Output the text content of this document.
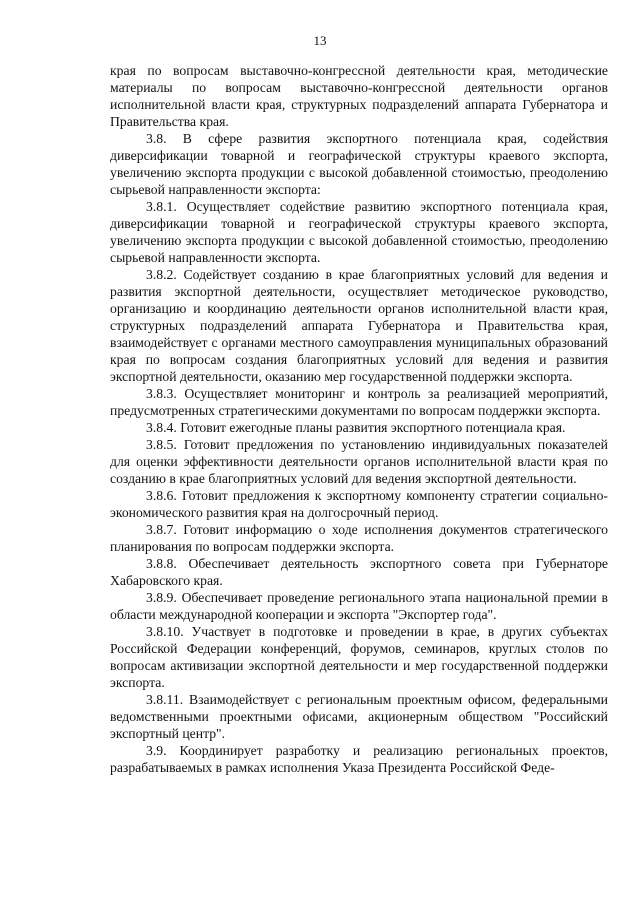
13

края по вопросам выставочно-конгрессной деятельности края, методические материалы по вопросам выставочно-конгрессной деятельности органов исполнительной власти края, структурных подразделений аппарата Губернатора и Правительства края.

3.8. В сфере развития экспортного потенциала края, содействия диверсификации товарной и географической структуры краевого экспорта, увеличению экспорта продукции с высокой добавленной стоимостью, преодолению сырьевой направленности экспорта:

3.8.1. Осуществляет содействие развитию экспортного потенциала края, диверсификации товарной и географической структуры краевого экспорта, увеличению экспорта продукции с высокой добавленной стоимостью, преодолению сырьевой направленности экспорта.

3.8.2. Содействует созданию в крае благоприятных условий для ведения и развития экспортной деятельности, осуществляет методическое руководство, организацию и координацию деятельности органов исполнительной власти края, структурных подразделений аппарата Губернатора и Правительства края, взаимодействует с органами местного самоуправления муниципальных образований края по вопросам создания благоприятных условий для ведения и развития экспортной деятельности, оказанию мер государственной поддержки экспорта.

3.8.3. Осуществляет мониторинг и контроль за реализацией мероприятий, предусмотренных стратегическими документами по вопросам поддержки экспорта.

3.8.4. Готовит ежегодные планы развития экспортного потенциала края.

3.8.5. Готовит предложения по установлению индивидуальных показателей для оценки эффективности деятельности органов исполнительной власти края по созданию в крае благоприятных условий для ведения экспортной деятельности.

3.8.6. Готовит предложения к экспортному компоненту стратегии социально-экономического развития края на долгосрочный период.

3.8.7. Готовит информацию о ходе исполнения документов стратегического планирования по вопросам поддержки экспорта.

3.8.8. Обеспечивает деятельность экспортного совета при Губернаторе Хабаровского края.

3.8.9. Обеспечивает проведение регионального этапа национальной премии в области международной кооперации и экспорта "Экспортер года".

3.8.10. Участвует в подготовке и проведении в крае, в других субъектах Российской Федерации конференций, форумов, семинаров, круглых столов по вопросам активизации экспортной деятельности и мер государственной поддержки экспорта.

3.8.11. Взаимодействует с региональным проектным офисом, федеральными ведомственными проектными офисами, акционерным обществом "Российский экспортный центр".

3.9. Координирует разработку и реализацию региональных проектов, разрабатываемых в рамках исполнения Указа Президента Российской Феде-
